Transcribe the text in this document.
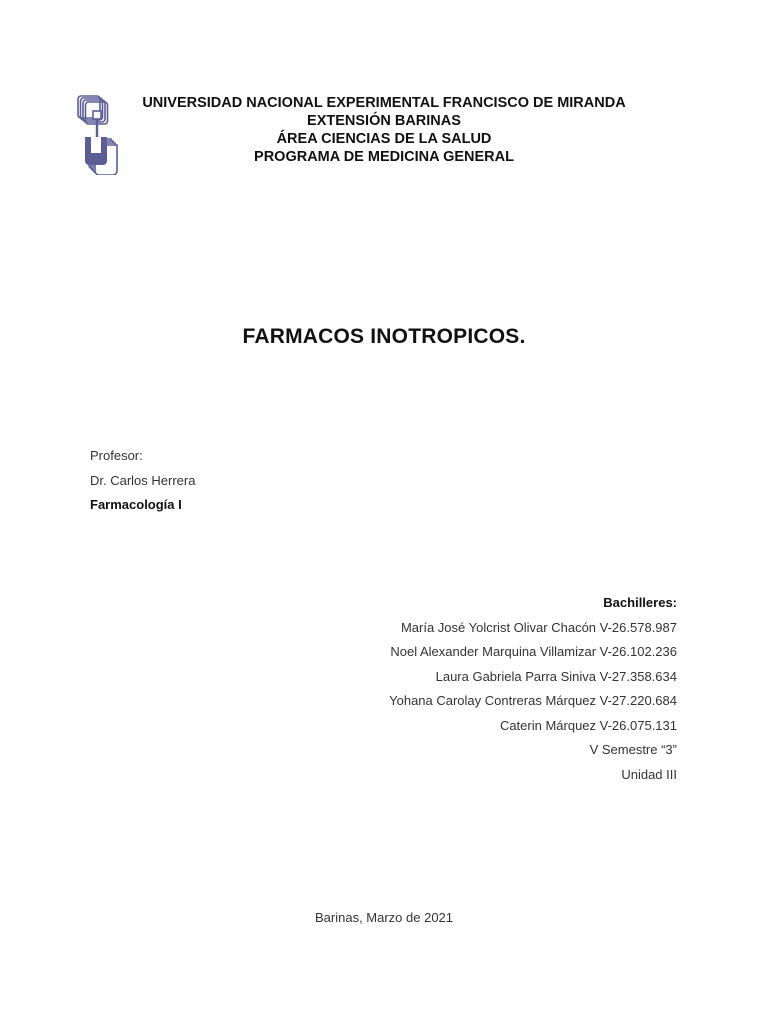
UNIVERSIDAD NACIONAL EXPERIMENTAL FRANCISCO DE MIRANDA
EXTENSIÓN BARINAS
ÁREA CIENCIAS DE LA SALUD
PROGRAMA DE MEDICINA GENERAL
FARMACOS INOTROPICOS.
Profesor:
Dr. Carlos Herrera
Farmacología I
Bachilleres:
María José Yolcrist Olivar Chacón V-26.578.987
Noel Alexander Marquina Villamizar V-26.102.236
Laura Gabriela Parra Siniva V-27.358.634
Yohana Carolay Contreras Márquez V-27.220.684
Caterin Márquez V-26.075.131
V Semestre “3”
Unidad III
Barinas, Marzo de 2021
